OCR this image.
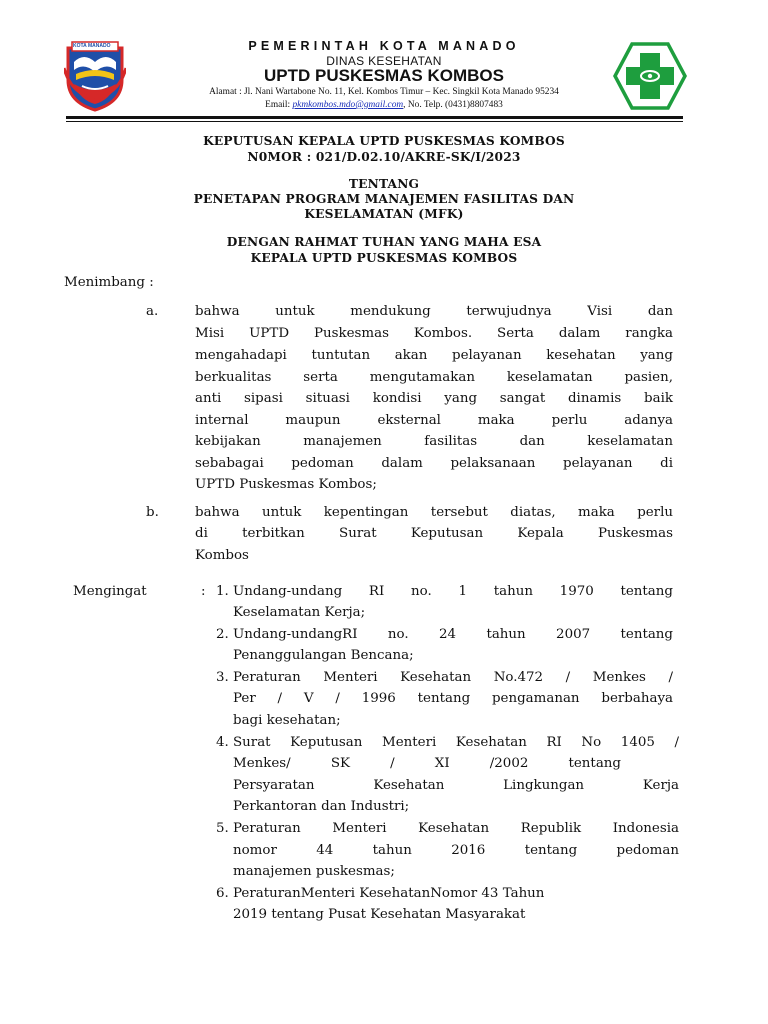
KOTA MANADO	PEMERINTAH KOTA MANADO
DINAS KESEHATAN
UPTD PUSKESMAS KOMBOS
Alamat : Jl. Nani Wartabone No. 11, Kel. Kombos Timur – Kec. Singkil Kota Manado 95234
Email: pkmkombos.mdo@gmail.com, No. Telp. (0431)8807483
KEPUTUSAN KEPALA UPTD PUSKESMAS KOMBOS
N0MOR : 021/D.02.10/AKRE-SK/I/2023
TENTANG
PENETAPAN PROGRAM MANAJEMEN FASILITAS DAN
KESELAMATAN (MFK)
DENGAN RAHMAT TUHAN YANG MAHA ESA
KEPALA UPTD PUSKESMAS KOMBOS
Menimbang :
a.	bahwa untuk mendukung terwujudnya Visi dan
Misi UPTD Puskesmas Kombos. Serta dalam rangka
mengahadapi tuntutan akan pelayanan kesehatan yang
berkualitas serta mengutamakan keselamatan pasien,
anti sipasi situasi kondisi yang sangat dinamis baik
internal maupun eksternal maka perlu adanya
kebijakan manajemen fasilitas dan keselamatan
sebabagai pedoman dalam pelaksanaan pelayanan di
UPTD Puskesmas Kombos;
b.	bahwa untuk kepentingan tersebut diatas, maka perlu
di terbitkan Surat Keputusan Kepala Puskesmas
Kombos
Mengingat	: 1. Undang-undang RI no. 1 tahun 1970 tentang
Keselamatan Kerja;
2. Undang-undangRI no. 24 tahun 2007 tentang
Penanggulangan Bencana;
3. Peraturan Menteri Kesehatan No.472 / Menkes /
Per / V / 1996 tentang pengamanan berbahaya
bagi kesehatan;
4. Surat Keputusan Menteri Kesehatan RI No 1405 /
Menkes/ SK / XI /2002 tentang
Persyaratan Kesehatan Lingkungan Kerja
Perkantoran dan Industri;
5. Peraturan Menteri Kesehatan Republik Indonesia
nomor 44 tahun 2016 tentang pedoman
manajemen puskesmas;
6. PeraturanMenteri KesehatanNomor 43 Tahun
2019 tentang Pusat Kesehatan Masyarakat
